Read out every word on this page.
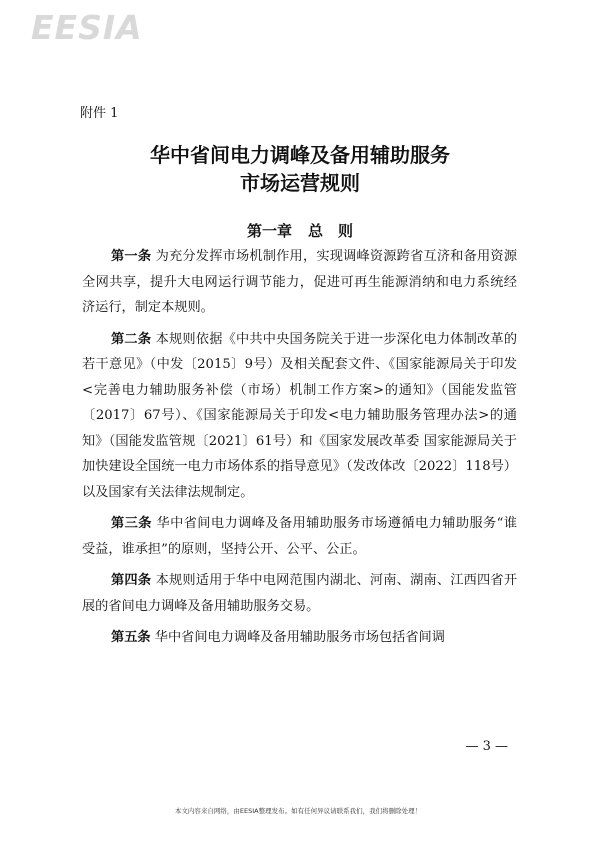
EESIA
附件 1
华中省间电力调峰及备用辅助服务
市场运营规则
第一章 总　则

第一条 为充分发挥市场机制作用，实现调峰资源跨省互济和备用资源全网共享，提升大电网运行调节能力，促进可再生能源消纳和电力系统经济运行，制定本规则。

第二条 本规则依据《中共中央国务院关于进一步深化电力体制改革的若干意见》（中发〔2015〕9号）及相关配套文件、《国家能源局关于印发<完善电力辅助服务补偿（市场）机制工作方案>的通知》（国能发监管〔2017〕67号）、《国家能源局关于印发<电力辅助服务管理办法>的通知》（国能发监管规〔2021〕61号）和《国家发展改革委 国家能源局关于加快建设全国统一电力市场体系的指导意见》（发改体改〔2022〕118号）以及国家有关法律法规制定。

第三条 华中省间电力调峰及备用辅助服务市场遵循电力辅助服务“谁受益，谁承担”的原则，坚持公开、公平、公正。

第四条 本规则适用于华中电网范围内湖北、河南、湖南、江西四省开展的省间电力调峰及备用辅助服务交易。

第五条 华中省间电力调峰及备用辅助服务市场包括省间调

— 3 —
本文内容来自网络，由EESIA整理发布。如有任何异议请联系我们，我们将删除处理！
